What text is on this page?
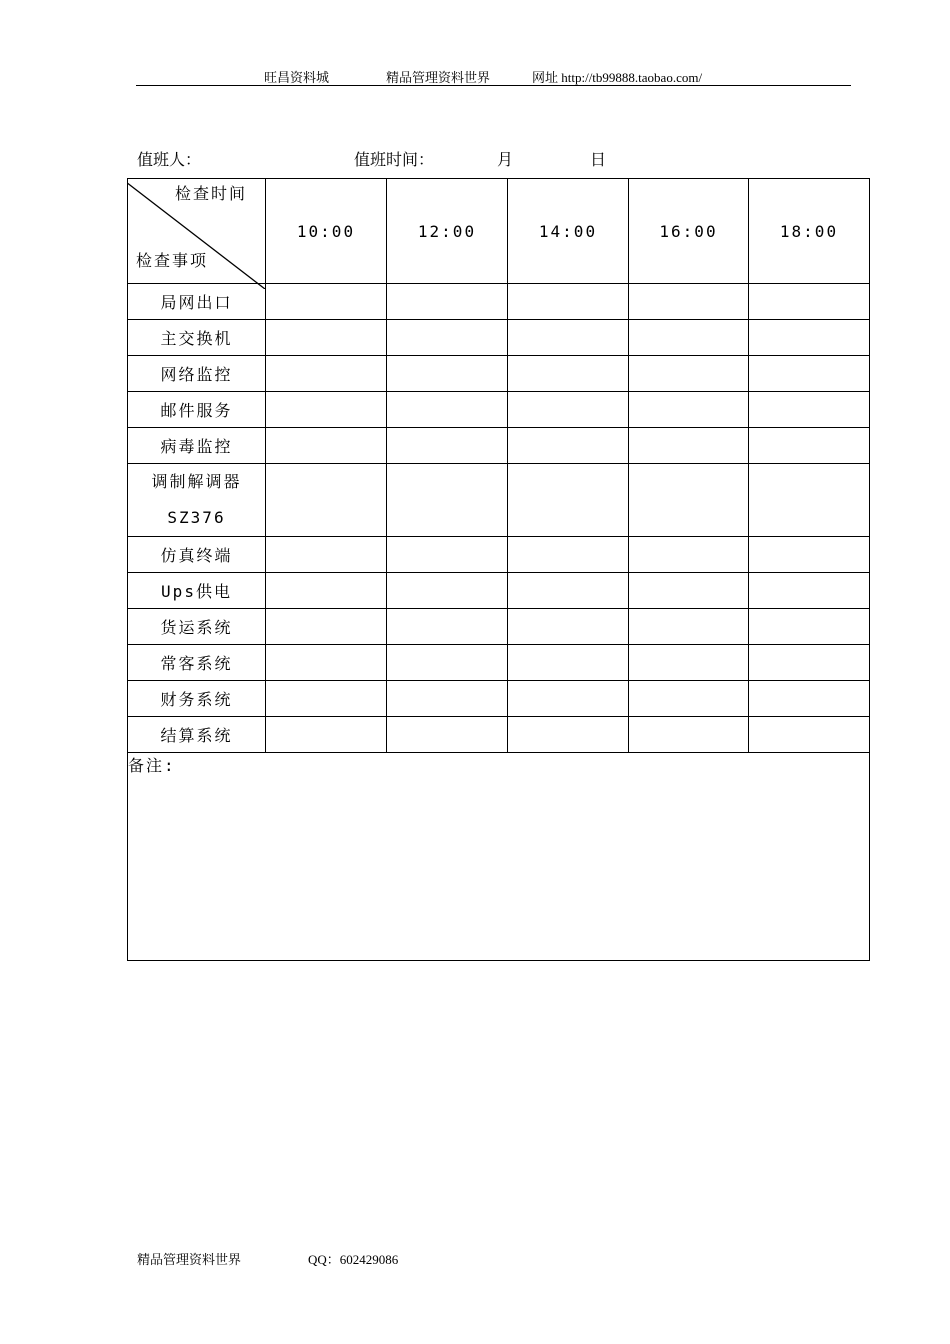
旺昌资料城	精品管理资料世界	网址 http://tb99888.taobao.com/
值班人：	值班时间：	月	日
检查时间
检查事项	10:00	12:00	14:00	16:00	18:00
局网出口					
主交换机					
网络监控					
邮件服务					
病毒监控					

调制解调器
SZ376					

仿真终端					
Ups供电					
货运系统					
常客系统					
财务系统					
结算系统					
备注:					
精品管理资料世界	QQ：602429086
